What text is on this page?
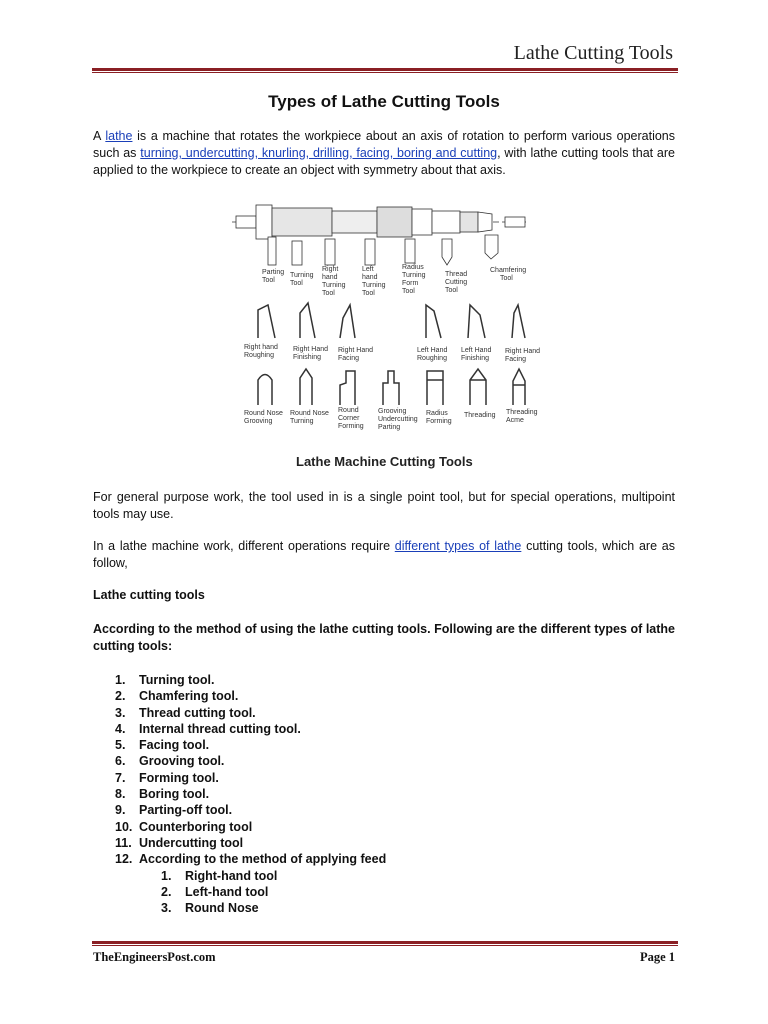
Lathe Cutting Tools
Types of Lathe Cutting Tools
A lathe is a machine that rotates the workpiece about an axis of rotation to perform various operations such as turning, undercutting, knurling, drilling, facing, boring and cutting, with lathe cutting tools that are applied to the workpiece to create an object with symmetry about that axis.
Parting
Tool
Turning
Tool
Right
hand
Turning
Tool
Left
hand
Turning
Tool
Radius
Turning
Form
Tool
Thread
Cutting
Tool
Chamfering
Tool
Right hand
Roughing
Right Hand
Finishing
Right Hand
Facing
Left Hand
Roughing
Left Hand
Finishing
Right Hand
Facing
Round Nose
Grooving
Round Nose
Turning
Round
Corner
Forming
Grooving
Undercutting
Parting
Radius
Forming
Threading Threading
Acme
Lathe Machine Cutting Tools
For general purpose work, the tool used in is a single point tool, but for special operations, multipoint tools may use.
In a lathe machine work, different operations require different types of lathe cutting tools, which are as follow,
Lathe cutting tools
According to the method of using the lathe cutting tools. Following are the different types of lathe cutting tools:
1.	Turning tool.
2.	Chamfering tool.
3.	Thread cutting tool.
4.	Internal thread cutting tool.
5.	Facing tool.
6.	Grooving tool.
7.	Forming tool.
8.	Boring tool.
9.	Parting-off tool.
10. Counterboring tool
11. Undercutting tool
12. According to the method of applying feed
1.	Right-hand tool
2.	Left-hand tool
3.	Round Nose
TheEngineersPost.com	Page 1
